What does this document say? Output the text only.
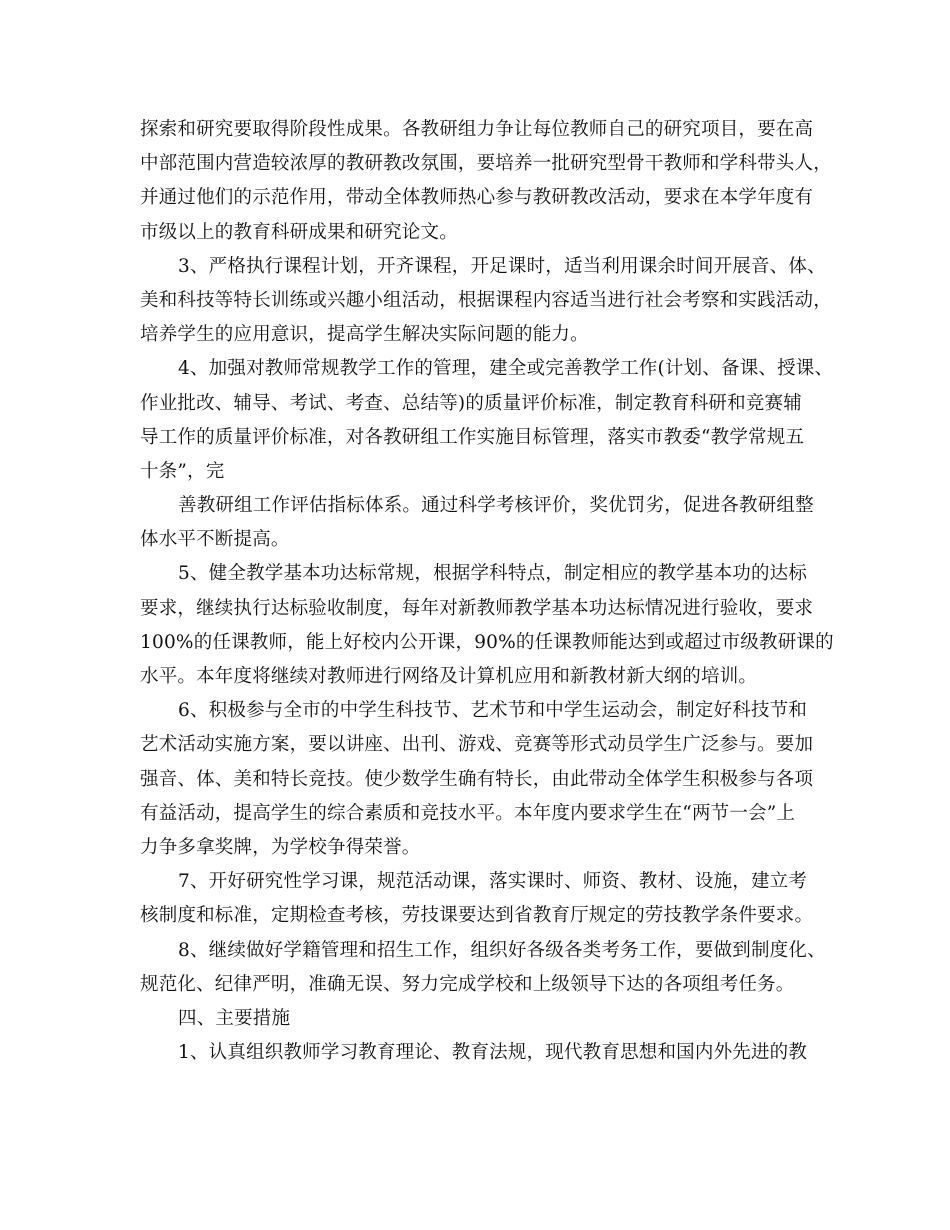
探索和研究要取得阶段性成果。各教研组力争让每位教师自己的研究项目，要在高
中部范围内营造较浓厚的教研教改氛围，要培养一批研究型骨干教师和学科带头人，
并通过他们的示范作用，带动全体教师热心参与教研教改活动，要求在本学年度有
市级以上的教育科研成果和研究论文。
3、严格执行课程计划，开齐课程，开足课时，适当利用课余时间开展音、体、
美和科技等特长训练或兴趣小组活动，根据课程内容适当进行社会考察和实践活动，
培养学生的应用意识，提高学生解决实际问题的能力。
4、加强对教师常规教学工作的管理，建全或完善教学工作(计划、备课、授课、
作业批改、辅导、考试、考查、总结等)的质量评价标准，制定教育科研和竞赛辅
导工作的质量评价标准，对各教研组工作实施目标管理，落实市教委“教学常规五
十条”，完
善教研组工作评估指标体系。通过科学考核评价，奖优罚劣，促进各教研组整
体水平不断提高。
5、健全教学基本功达标常规，根据学科特点，制定相应的教学基本功的达标
要求，继续执行达标验收制度，每年对新教师教学基本功达标情况进行验收，要求
100%的任课教师，能上好校内公开课，90%的任课教师能达到或超过市级教研课的
水平。本年度将继续对教师进行网络及计算机应用和新教材新大纲的培训。
6、积极参与全市的中学生科技节、艺术节和中学生运动会，制定好科技节和
艺术活动实施方案，要以讲座、出刊、游戏、竞赛等形式动员学生广泛参与。要加
强音、体、美和特长竞技。使少数学生确有特长，由此带动全体学生积极参与各项
有益活动，提高学生的综合素质和竞技水平。本年度内要求学生在“两节一会”上
力争多拿奖牌，为学校争得荣誉。
7、开好研究性学习课，规范活动课，落实课时、师资、教材、设施，建立考
核制度和标准，定期检查考核，劳技课要达到省教育厅规定的劳技教学条件要求。
8、继续做好学籍管理和招生工作，组织好各级各类考务工作，要做到制度化、
规范化、纪律严明，准确无误、努力完成学校和上级领导下达的各项组考任务。
四、主要措施
1、认真组织教师学习教育理论、教育法规，现代教育思想和国内外先进的教
